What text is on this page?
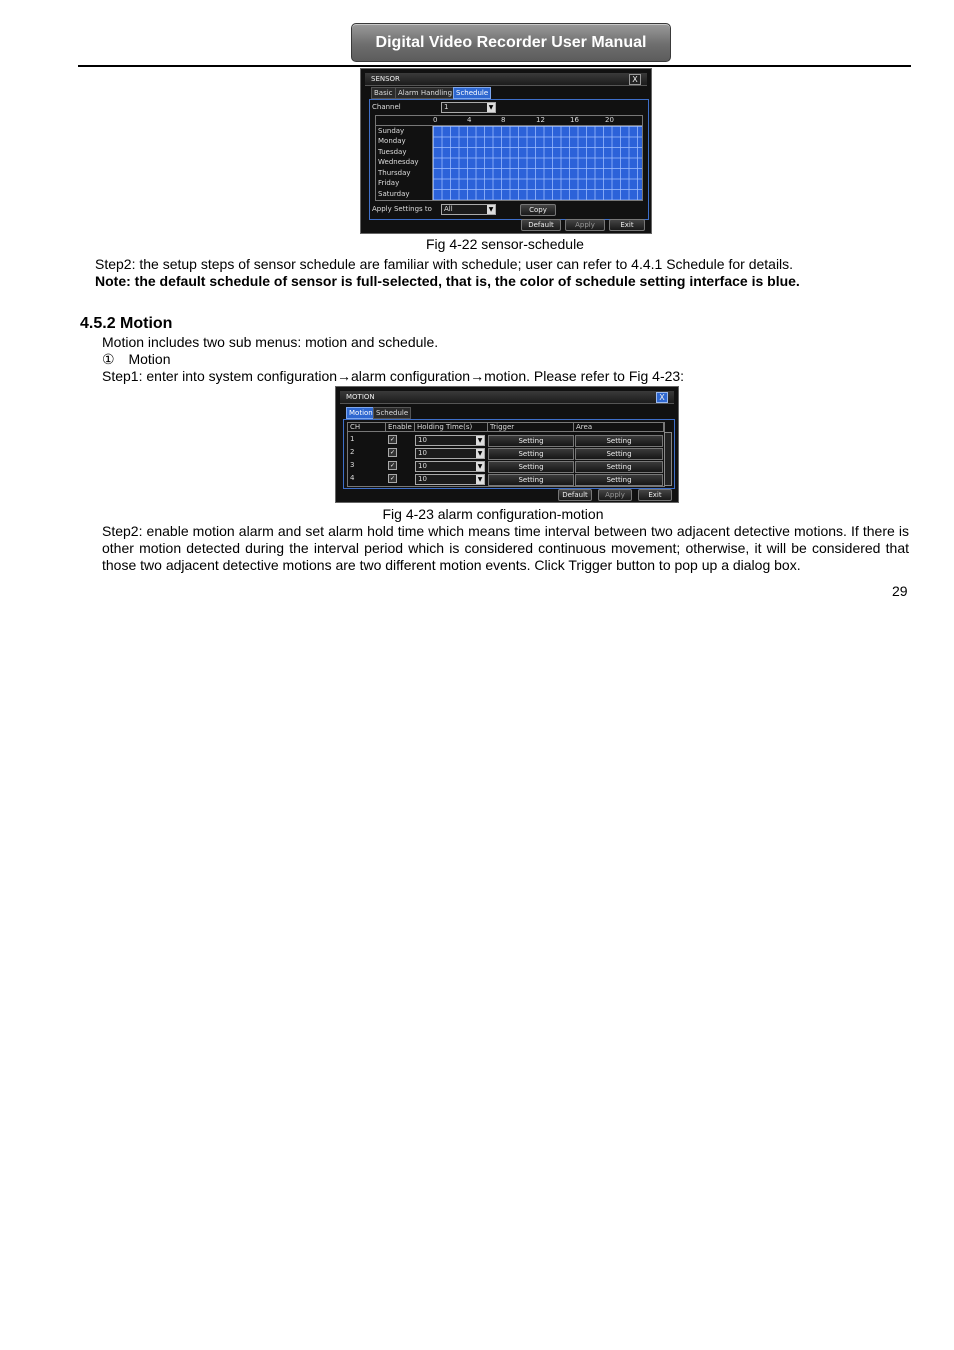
Digital Video Recorder User Manual
SENSOR	X
Basic Alarm Handling Schedule
Channel	1	▼
0	4	8	12	16	20
Sunday
Monday
Tuesday
Wednesday
Thursday
Friday
Saturday
Apply Settings to All	▼	Copy
Default	Apply	Exit
Fig 4-22 sensor-schedule
Step2: the setup steps of sensor schedule are familiar with schedule; user can refer to 4.4.1 Schedule for details.
Note: the default schedule of sensor is full-selected, that is, the color of schedule setting interface is blue.
4.5.2 Motion
Motion includes two sub menus: motion and schedule.
① Motion
Step1: enter into system configuration→alarm configuration→motion. Please refer to Fig 4-23:
MOTION	X
Motion Schedule
CH	Enable Holding Time(s)	Trigger	Area
1	✓	10	▼	Setting	Setting
2	✓	10	▼	Setting	Setting
3	✓	10	▼	Setting	Setting
4	✓	10	▼	Setting	Setting
Default	Apply	Exit
Fig 4-23 alarm configuration-motion
Step2: enable motion alarm and set alarm hold time which means time interval between two adjacent detective motions. If there is other motion detected during the interval period which is considered continuous movement; otherwise, it will be considered that those two adjacent detective motions are two different motion events. Click Trigger button to pop up a dialog box.
29
